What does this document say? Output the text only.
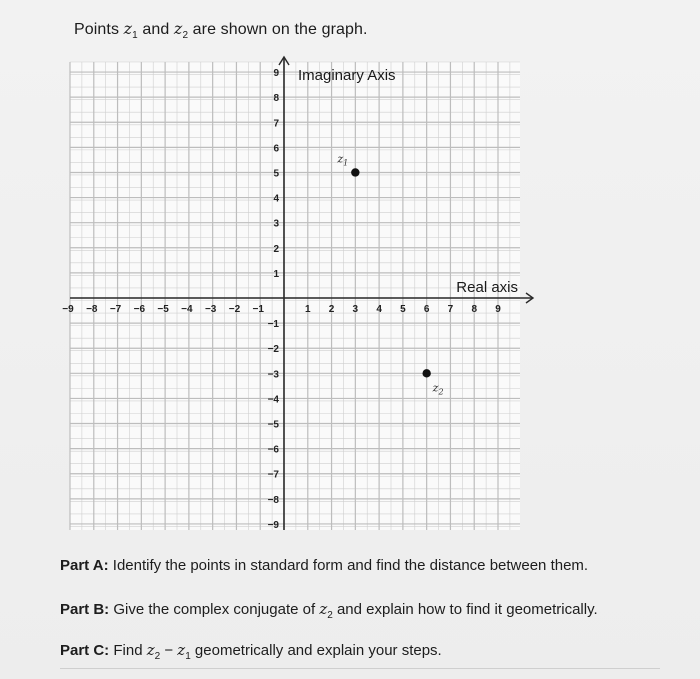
Points $z_1$ and $z_2$ are shown on the graph.
−9 −8 −7 −6 −5 −4 −3 −2 −1	1 2 3 4 5 6 7 8 9
9
8
7
6
5
4
3
2
1
−1
−2
−3
−4
−5
−6
−7
−8
−9
Imaginary Axis
Real axis
$z_1$
$z_2$
Part A: Identify the points in standard form and find the distance between them.
Part B: Give the complex conjugate of $z_2$ and explain how to find it geometrically.
Part C: Find $z_2 - z_1$ geometrically and explain your steps.
